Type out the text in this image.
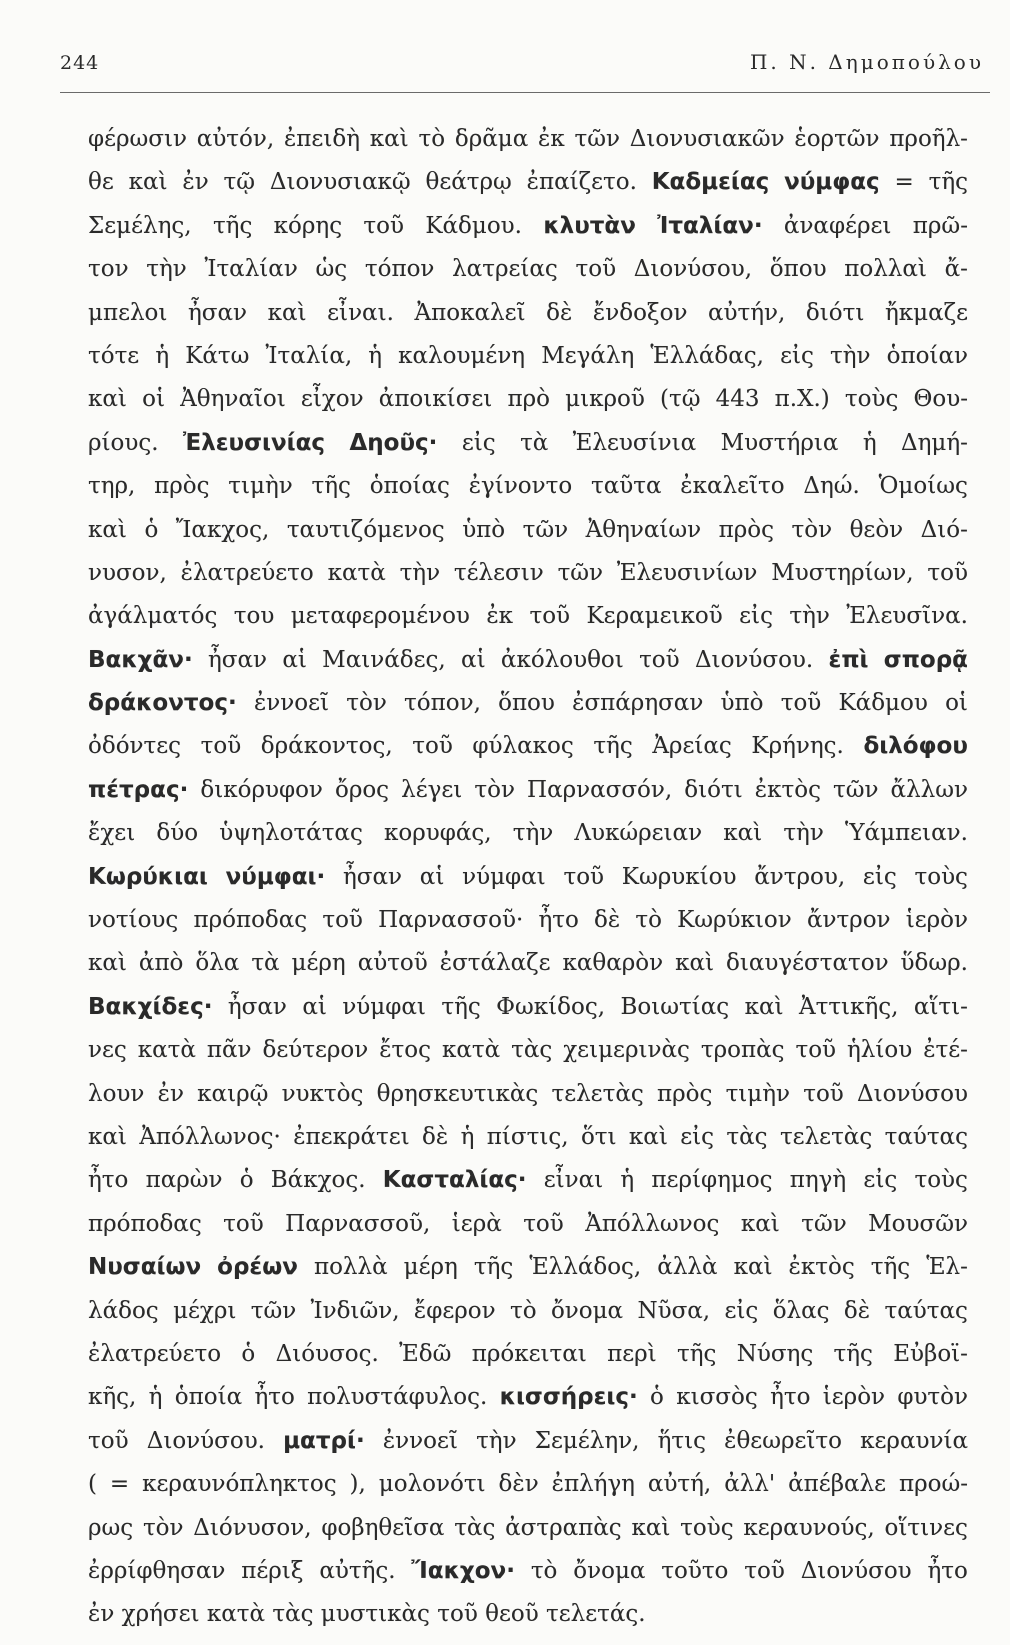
244	Π. Ν. Δημοπούλου
φέρωσιν αὐτόν, ἐπειδὴ καὶ τὸ δρᾶμα ἐκ τῶν Διονυσιακῶν ἑορτῶν προῆλ-
θε καὶ ἐν τῷ Διονυσιακῷ θεάτρῳ ἐπαίζετο. Καδμείας νύμφας = τῆς
Σεμέλης, τῆς κόρης τοῦ Κάδμου. κλυτὰν Ἰταλίαν· ἀναφέρει πρῶ-
τον τὴν Ἰταλίαν ὡς τόπον λατρείας τοῦ Διονύσου, ὅπου πολλαὶ ἄ-
μπελοι ἦσαν καὶ εἶναι. Ἀποκαλεῖ δὲ ἔνδοξον αὐτήν, διότι ἤκμαζε
τότε ἡ Κάτω Ἰταλία, ἡ καλουμένη Μεγάλη Ἑλλάδας, εἰς τὴν ὁποίαν
καὶ οἱ Ἀθηναῖοι εἶχον ἀποικίσει πρὸ μικροῦ (τῷ 443 π.Χ.) τοὺς Θου-
ρίους. Ἐλευσινίας Δηοῦς· εἰς τὰ Ἐλευσίνια Μυστήρια ἡ Δημή-
τηρ, πρὸς τιμὴν τῆς ὁποίας ἐγίνοντο ταῦτα ἐκαλεῖτο Δηώ. Ὁμοίως
καὶ ὁ Ἴακχος, ταυτιζόμενος ὑπὸ τῶν Ἀθηναίων πρὸς τὸν θεὸν Διό-
νυσον, ἐλατρεύετο κατὰ τὴν τέλεσιν τῶν Ἐλευσινίων Μυστηρίων, τοῦ
ἀγάλματός του μεταφερομένου ἐκ τοῦ Κεραμεικοῦ εἰς τὴν Ἐλευσῖνα.
Βακχᾶν· ἦσαν αἱ Μαινάδες, αἱ ἀκόλουθοι τοῦ Διονύσου. ἐπὶ σπορᾷ
δράκοντος· ἐννοεῖ τὸν τόπον, ὅπου ἐσπάρησαν ὑπὸ τοῦ Κάδμου οἱ
ὀδόντες τοῦ δράκοντος, τοῦ φύλακος τῆς Ἀρείας Κρήνης. διλόφου
πέτρας· δικόρυφον ὄρος λέγει τὸν Παρνασσόν, διότι ἐκτὸς τῶν ἄλλων
ἔχει δύο ὑψηλοτάτας κορυφάς, τὴν Λυκώρειαν καὶ τὴν Ὑάμπειαν.
Κωρύκιαι νύμφαι· ἦσαν αἱ νύμφαι τοῦ Κωρυκίου ἄντρου, εἰς τοὺς
νοτίους πρόποδας τοῦ Παρνασσοῦ· ἦτο δὲ τὸ Κωρύκιον ἄντρον ἱερὸν
καὶ ἀπὸ ὅλα τὰ μέρη αὐτοῦ ἐστάλαζε καθαρὸν καὶ διαυγέστατον ὕδωρ.
Βακχίδες· ἦσαν αἱ νύμφαι τῆς Φωκίδος, Βοιωτίας καὶ Ἀττικῆς, αἵτι-
νες κατὰ πᾶν δεύτερον ἔτος κατὰ τὰς χειμερινὰς τροπὰς τοῦ ἡλίου ἐτέ-
λουν ἐν καιρῷ νυκτὸς θρησκευτικὰς τελετὰς πρὸς τιμὴν τοῦ Διονύσου
καὶ Ἀπόλλωνος· ἐπεκράτει δὲ ἡ πίστις, ὅτι καὶ εἰς τὰς τελετὰς ταύτας
ἦτο παρὼν ὁ Βάκχος. Κασταλίας· εἶναι ἡ περίφημος πηγὴ εἰς τοὺς
πρόποδας τοῦ Παρνασσοῦ, ἱερὰ τοῦ Ἀπόλλωνος καὶ τῶν Μουσῶν
Νυσαίων ὀρέων πολλὰ μέρη τῆς Ἑλλάδος, ἀλλὰ καὶ ἐκτὸς τῆς Ἑλ-
λάδος μέχρι τῶν Ἰνδιῶν, ἔφερον τὸ ὄνομα Νῦσα, εἰς ὅλας δὲ ταύτας
ἐλατρεύετο ὁ Διόυσος. Ἐδῶ πρόκειται περὶ τῆς Νύσης τῆς Εὐβοϊ-
κῆς, ἡ ὁποία ἦτο πολυστάφυλος. κισσήρεις· ὁ κισσὸς ἦτο ἱερὸν φυτὸν
τοῦ Διονύσου. ματρί· ἐννοεῖ τὴν Σεμέλην, ἥτις ἐθεωρεῖτο κεραυνία
( = κεραυνόπληκτος ), μολονότι δὲν ἐπλήγη αὐτή, ἀλλ' ἀπέβαλε προώ-
ρως τὸν Διόνυσον, φοβηθεῖσα τὰς ἀστραπὰς καὶ τοὺς κεραυνούς, οἵτινες
ἐρρίφθησαν πέριξ αὐτῆς. Ἴακχον· τὸ ὄνομα τοῦτο τοῦ Διονύσου ἦτο
ἐν
χρήσει
κατὰ
τὰς
μυστικὰς
τοῦ
θεοῦ
τελετάς.
